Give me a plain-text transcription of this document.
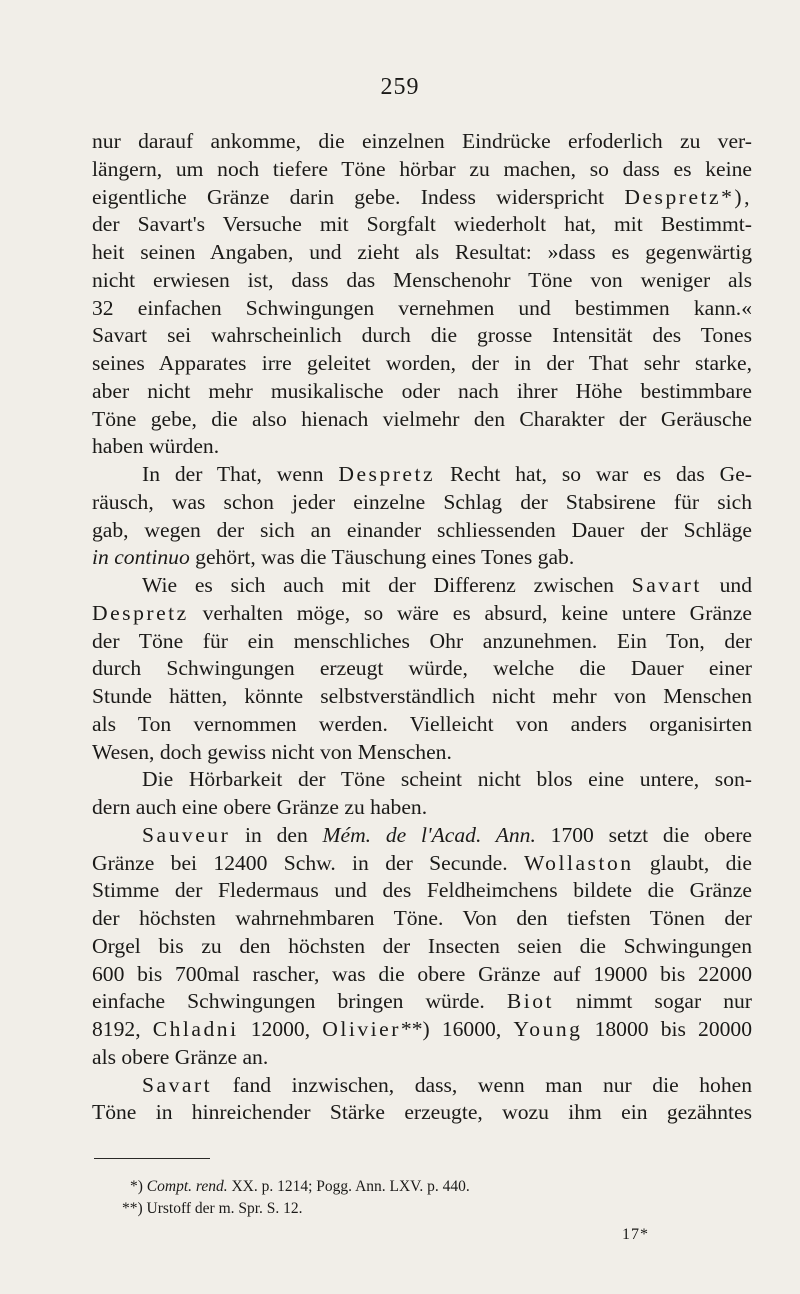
259
nur darauf ankomme, die einzelnen Eindrücke erfoderlich zu ver-
längern, um noch tiefere Töne hörbar zu machen, so dass es keine
eigentliche Gränze darin gebe. Indess widerspricht Despretz*),
der Savart's Versuche mit Sorgfalt wiederholt hat, mit Bestimmt-
heit seinen Angaben, und zieht als Resultat: »dass es gegenwärtig
nicht erwiesen ist, dass das Menschenohr Töne von weniger als
32 einfachen Schwingungen vernehmen und bestimmen kann.«
Savart sei wahrscheinlich durch die grosse Intensität des Tones
seines Apparates irre geleitet worden, der in der That sehr starke,
aber nicht mehr musikalische oder nach ihrer Höhe bestimmbare
Töne gebe, die also hienach vielmehr den Charakter der Geräusche
haben würden.
In der That, wenn Despretz Recht hat, so war es das Ge-
räusch, was schon jeder einzelne Schlag der Stabsirene für sich
gab, wegen der sich an einander schliessenden Dauer der Schläge
in continuo gehört, was die Täuschung eines Tones gab.
Wie es sich auch mit der Differenz zwischen Savart und
Despretz verhalten möge, so wäre es absurd, keine untere Gränze
der Töne für ein menschliches Ohr anzunehmen. Ein Ton, der
durch Schwingungen erzeugt würde, welche die Dauer einer
Stunde hätten, könnte selbstverständlich nicht mehr von Menschen
als Ton vernommen werden. Vielleicht von anders organisirten
Wesen, doch gewiss nicht von Menschen.
Die Hörbarkeit der Töne scheint nicht blos eine untere, son-
dern auch eine obere Gränze zu haben.
Sauveur in den Mém. de l'Acad. Ann. 1700 setzt die obere
Gränze bei 12400 Schw. in der Secunde. Wollaston glaubt, die
Stimme der Fledermaus und des Feldheimchens bildete die Gränze
der höchsten wahrnehmbaren Töne. Von den tiefsten Tönen der
Orgel bis zu den höchsten der Insecten seien die Schwingungen
600 bis 700mal rascher, was die obere Gränze auf 19000 bis 22000
einfache Schwingungen bringen würde. Biot nimmt sogar nur
8192, Chladni 12000, Olivier**) 16000, Young 18000 bis 20000
als obere Gränze an.
Savart fand inzwischen, dass, wenn man nur die hohen
Töne in hinreichender Stärke erzeugte, wozu ihm ein gezähntes
*) Compt. rend. XX. p. 1214; Pogg. Ann. LXV. p. 440.
**) Urstoff der m. Spr. S. 12.
17*
